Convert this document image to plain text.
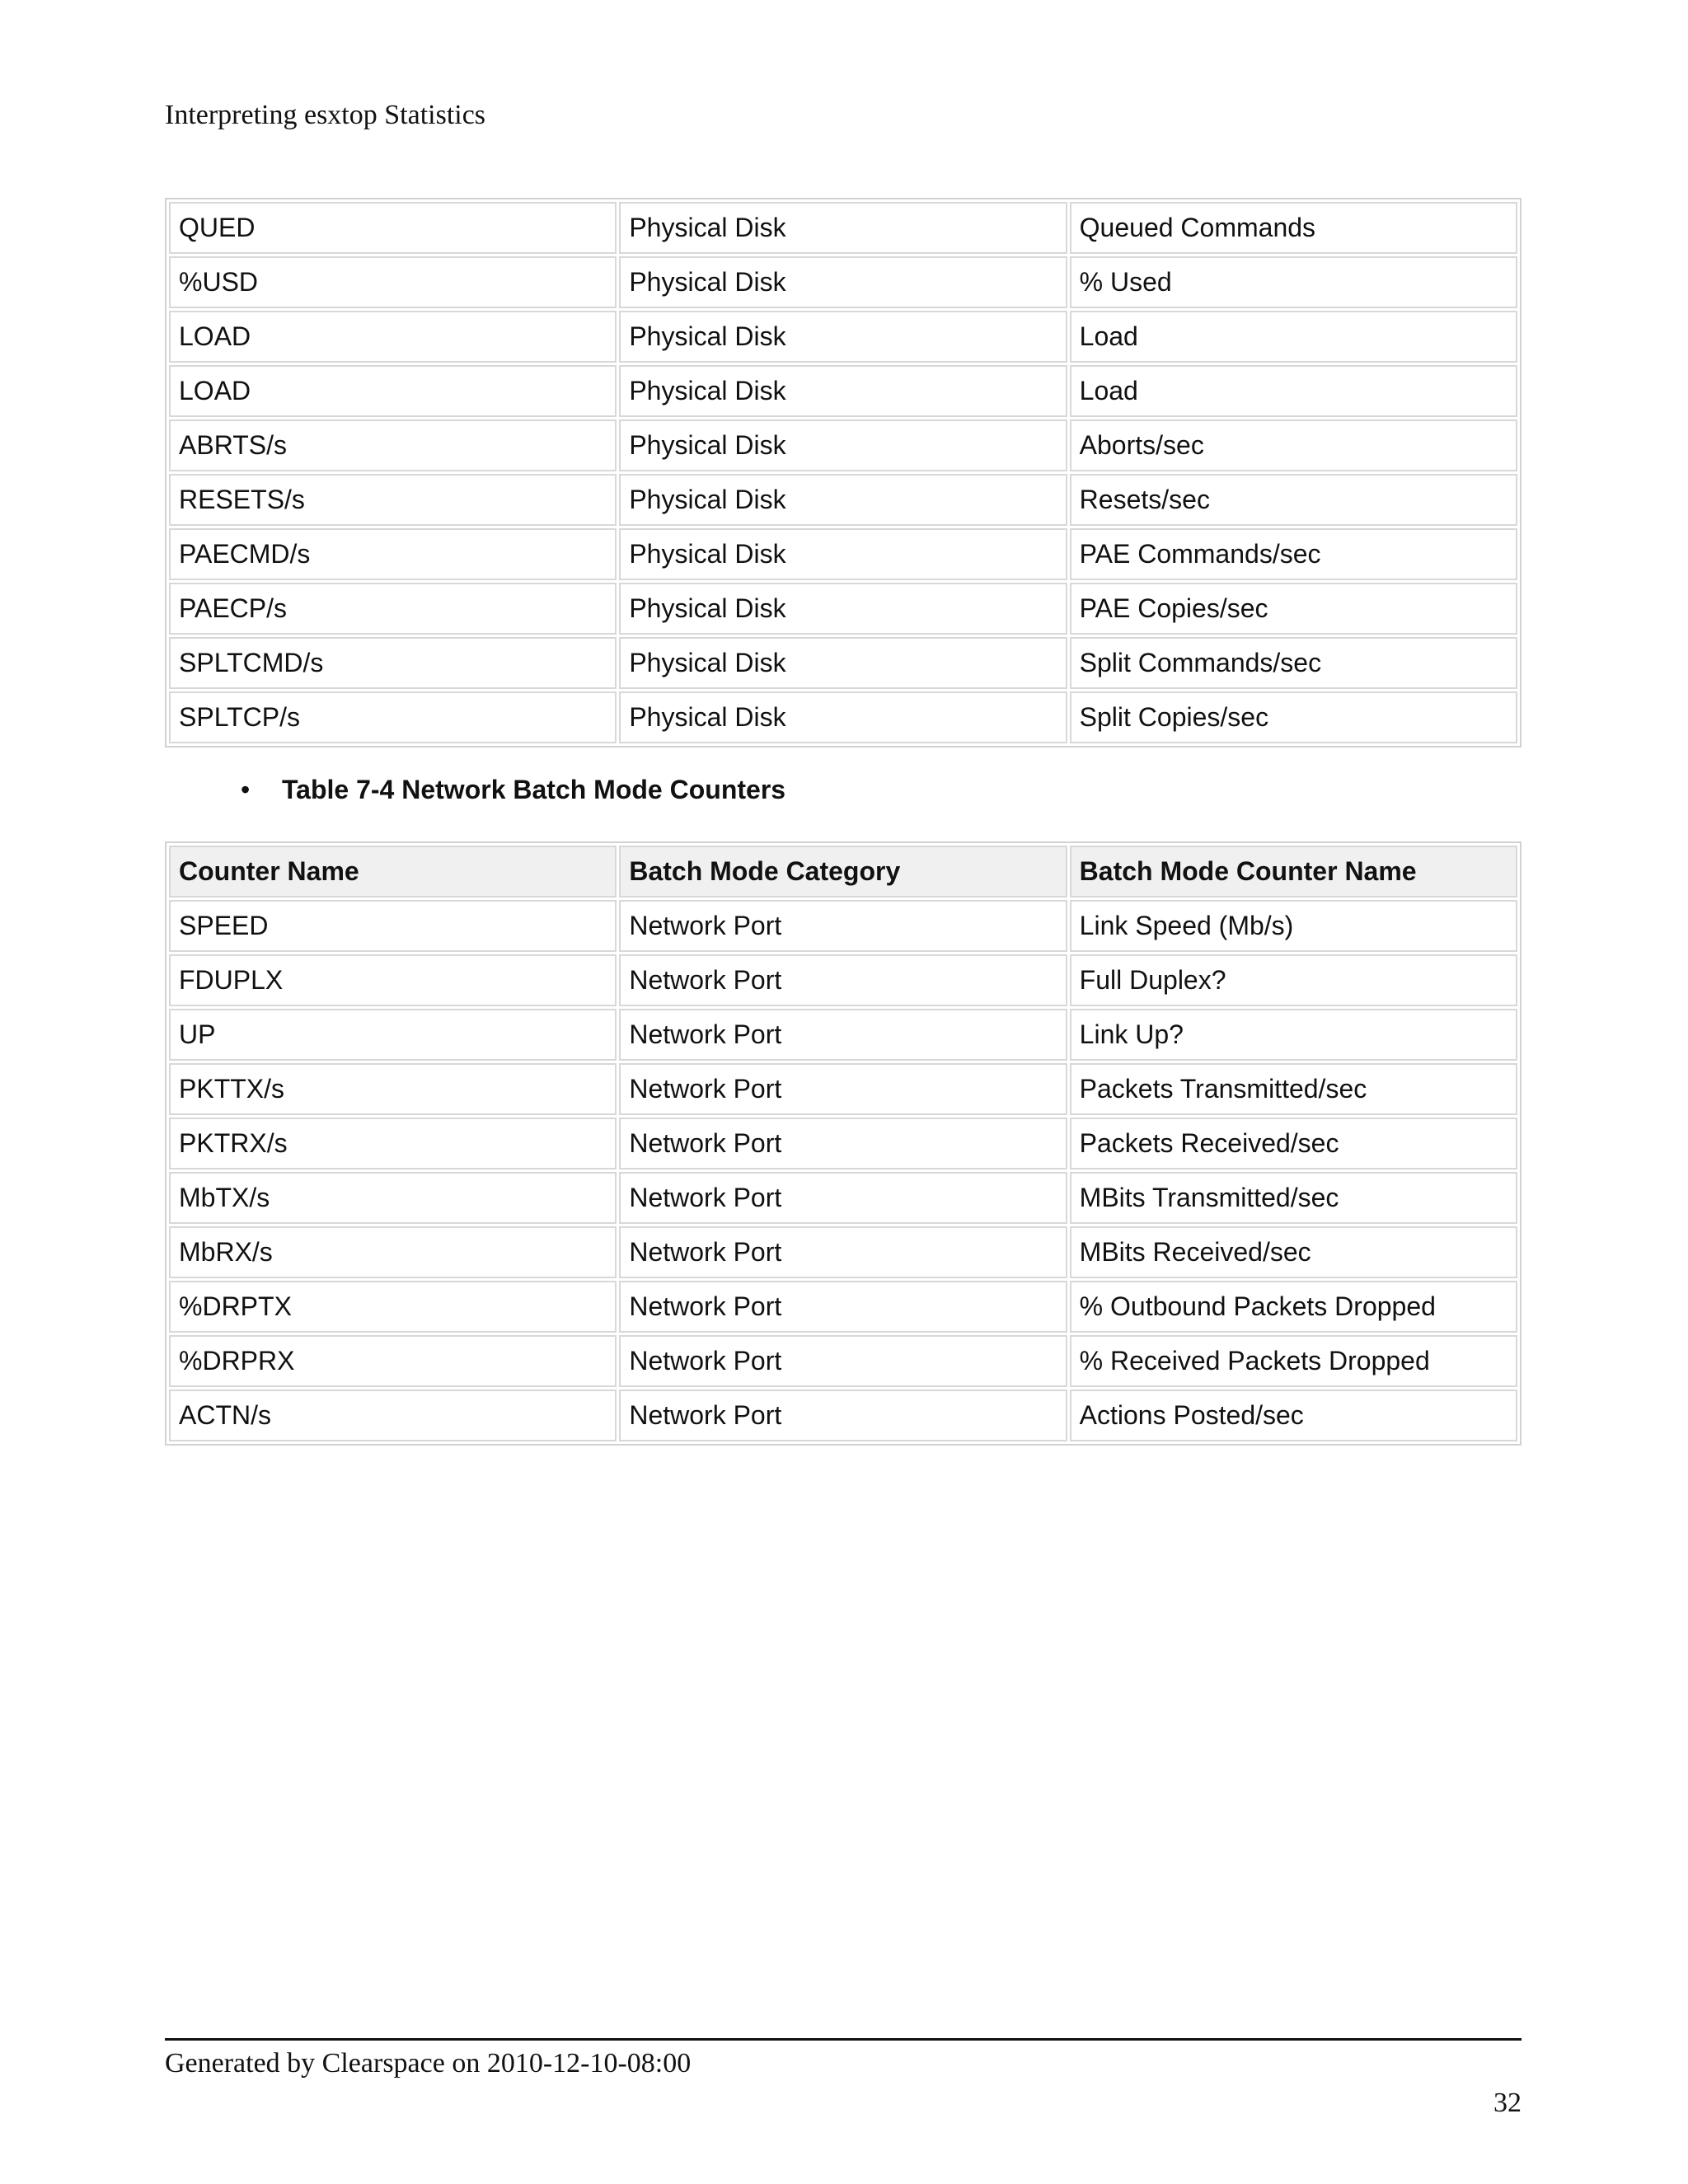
Interpreting esxtop Statistics
QUED	Physical Disk	Queued Commands
%USD	Physical Disk	% Used
LOAD	Physical Disk	Load
LOAD	Physical Disk	Load
ABRTS/s	Physical Disk	Aborts/sec
RESETS/s	Physical Disk	Resets/sec
PAECMD/s	Physical Disk	PAE Commands/sec
PAECP/s	Physical Disk	PAE Copies/sec
SPLTCMD/s	Physical Disk	Split Commands/sec
SPLTCP/s	Physical Disk	Split Copies/sec
• Table 7-4 Network Batch Mode Counters
Counter Name	Batch Mode Category	Batch Mode Counter Name
SPEED	Network Port	Link Speed (Mb/s)
FDUPLX	Network Port	Full Duplex?
UP	Network Port	Link Up?
PKTTX/s	Network Port	Packets Transmitted/sec
PKTRX/s	Network Port	Packets Received/sec
MbTX/s	Network Port	MBits Transmitted/sec
MbRX/s	Network Port	MBits Received/sec
%DRPTX	Network Port	% Outbound Packets Dropped
%DRPRX	Network Port	% Received Packets Dropped
ACTN/s	Network Port	Actions Posted/sec
Generated by Clearspace on 2010-12-10-08:00
32
